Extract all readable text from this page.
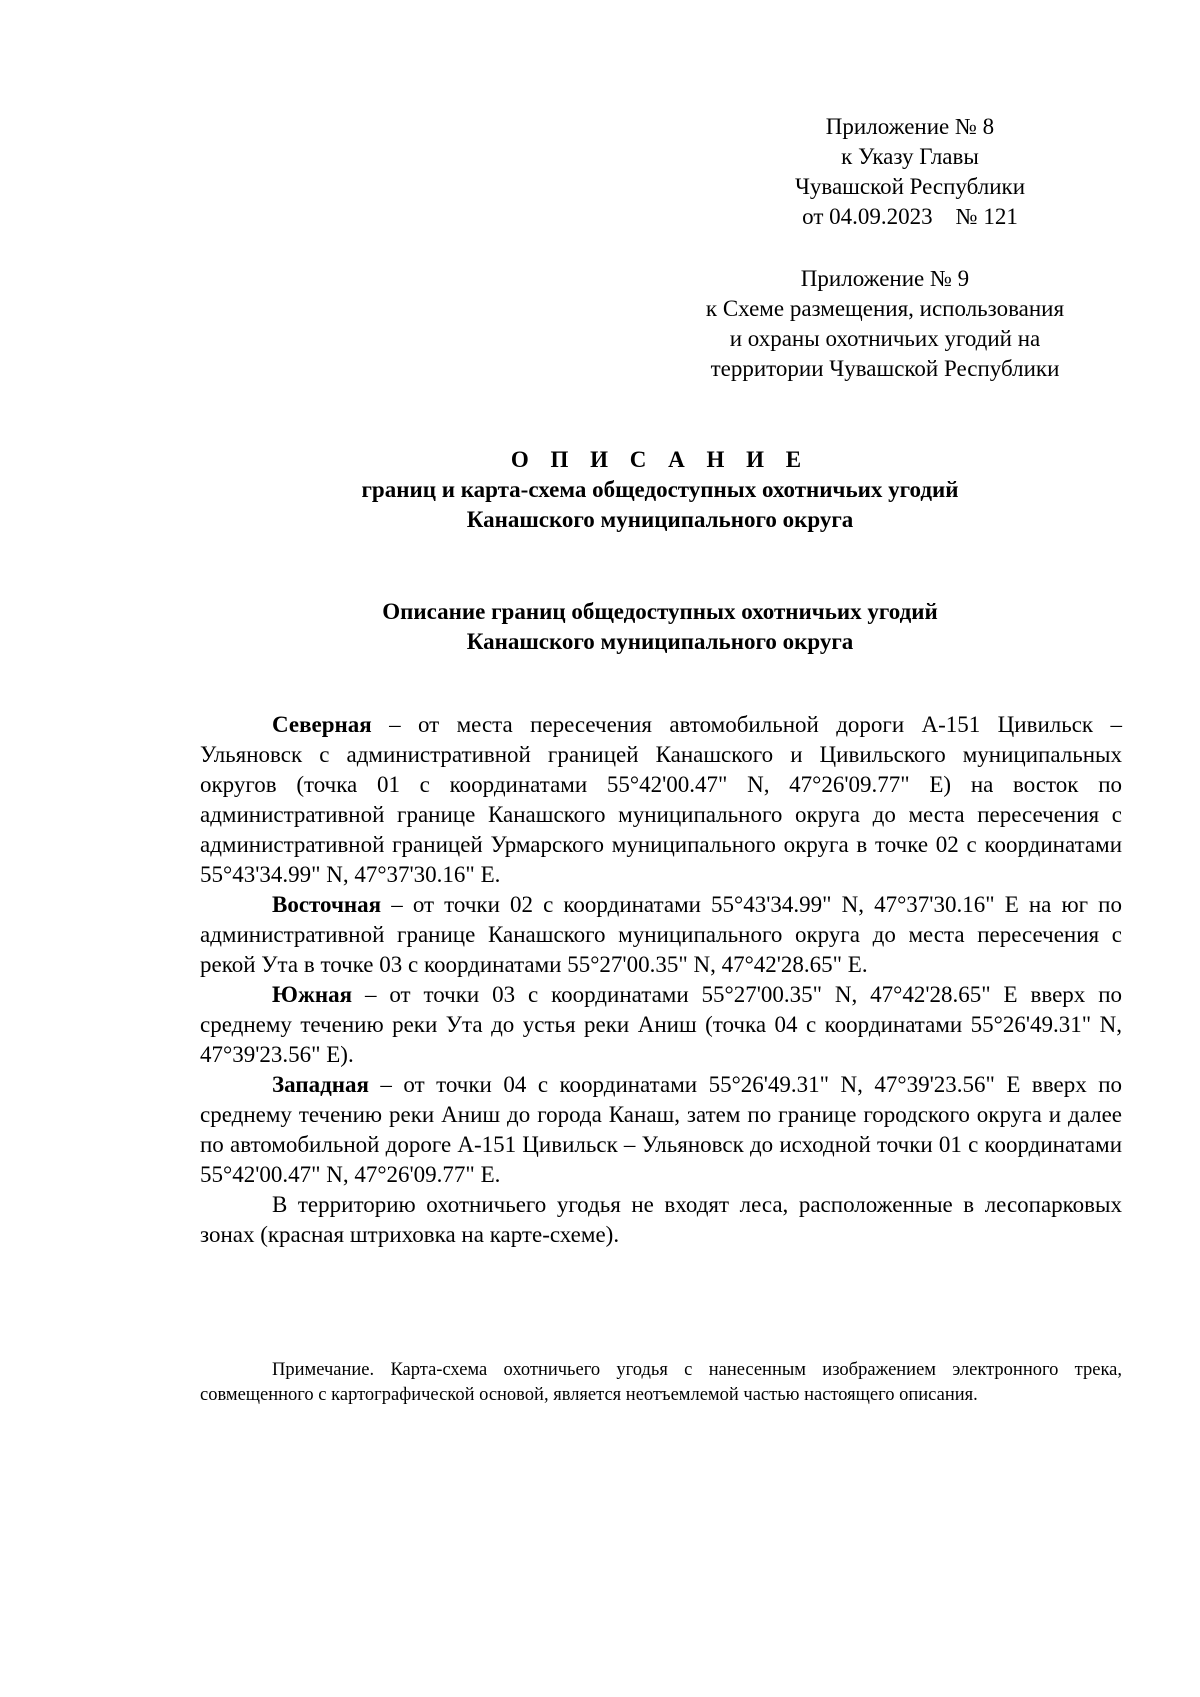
Приложение № 8
к Указу Главы
Чувашской Республики
от 04.09.2023    № 121
Приложение № 9
к Схеме размещения, использования
и охраны охотничьих угодий на
территории Чувашской Республики
О П И С А Н И Е
границ и карта-схема общедоступных охотничьих угодий
Канашского муниципального округа
Описание границ общедоступных охотничьих угодий
Канашского муниципального округа

Северная – от места пересечения автомобильной дороги А-151 Цивильск – Ульяновск с административной границей Канашского и Цивильского муниципальных округов (точка 01 с координатами 55°42'00.47" N, 47°26'09.77" E) на восток по административной границе Канашского муниципального округа до места пересечения с административной границей Урмарского муниципального округа в точке 02 с координатами 55°43'34.99" N, 47°37'30.16" E.

Восточная – от точки 02 с координатами 55°43'34.99" N, 47°37'30.16" E на юг по административной границе Канашского муниципального округа до места пересечения с рекой Ута в точке 03 с координатами 55°27'00.35" N, 47°42'28.65" E.

Южная – от точки 03 с координатами 55°27'00.35" N, 47°42'28.65" E вверх по среднему течению реки Ута до устья реки Аниш (точка 04 с координатами 55°26'49.31" N, 47°39'23.56" E).

Западная – от точки 04 с координатами 55°26'49.31" N, 47°39'23.56" E вверх по среднему течению реки Аниш до города Канаш, затем по границе городского округа и далее по автомобильной дороге А-151 Цивильск – Ульяновск до исходной точки 01 с координатами 55°42'00.47" N, 47°26'09.77" E.

В территорию охотничьего угодья не входят леса, расположенные в лесопарковых зонах (красная штриховка на карте-схеме).

Примечание. Карта-схема охотничьего угодья с нанесенным изображением электронного трека, совмещенного с картографической основой, является неотъемлемой частью настоящего описания.
